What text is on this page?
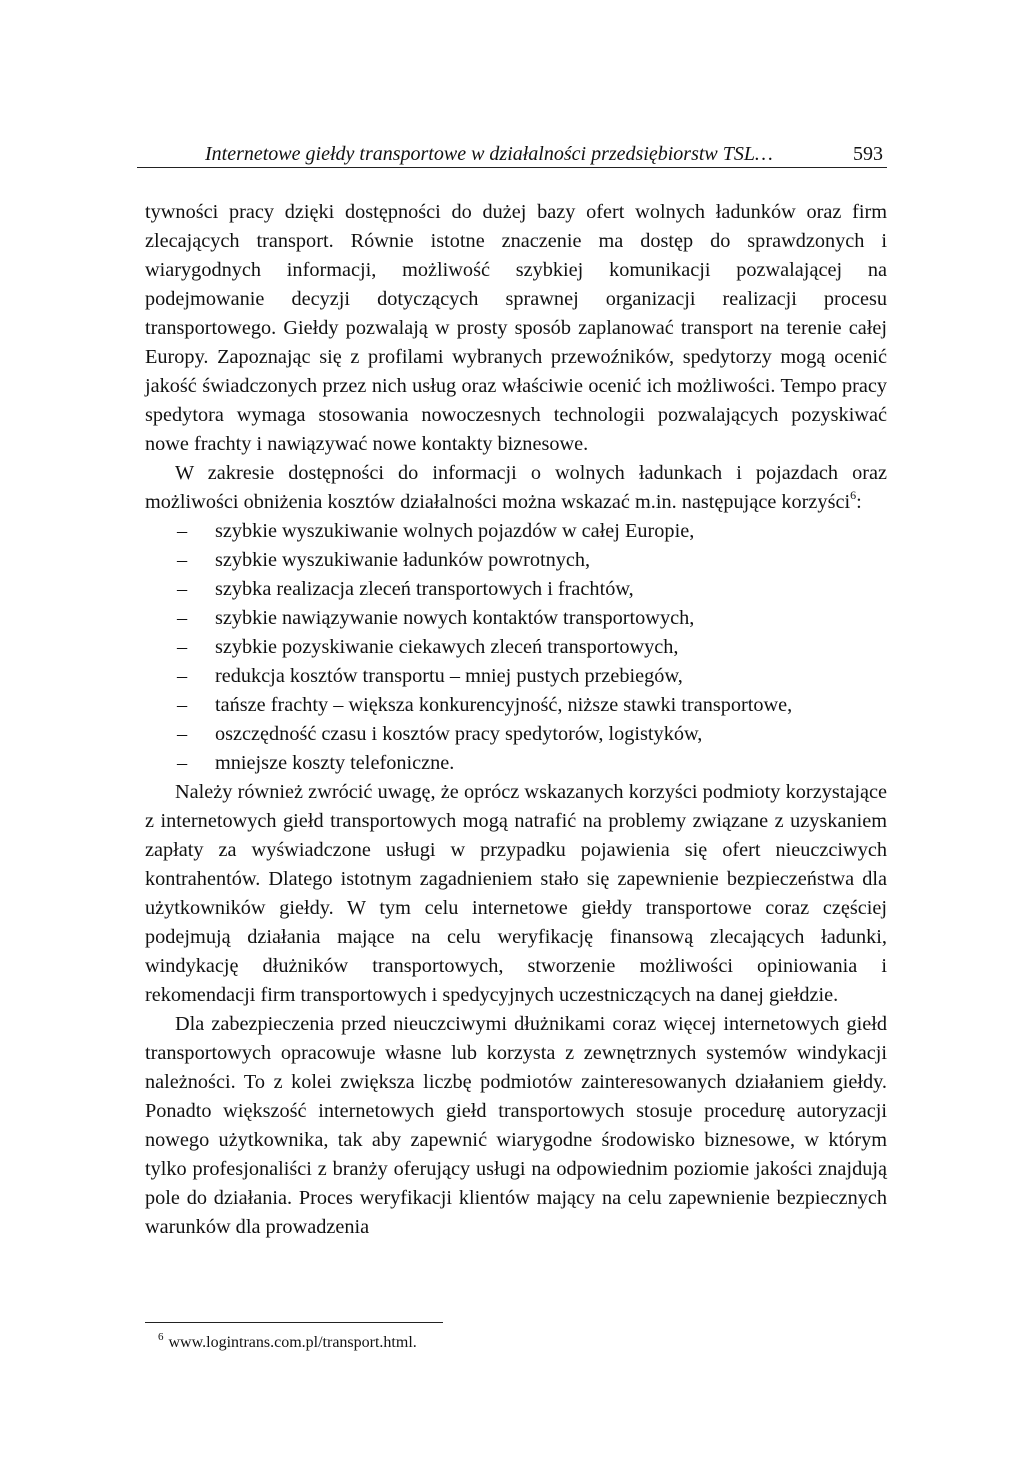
Internetowe giełdy transportowe w działalności przedsiębiorstw TSL…	593

tywności pracy dzięki dostępności do dużej bazy ofert wolnych ładunków oraz firm zlecających transport. Równie istotne znaczenie ma dostęp do sprawdzonych i wiarygodnych informacji, możliwość szybkiej komunikacji pozwalającej na podejmowanie decyzji dotyczących sprawnej organizacji realizacji procesu transportowego. Giełdy pozwalają w prosty sposób zaplanować transport na terenie całej Europy. Zapoznając się z profilami wybranych przewoźników, spedytorzy mogą ocenić jakość świadczonych przez nich usług oraz właściwie ocenić ich możliwości. Tempo pracy spedytora wymaga stosowania nowoczesnych technologii pozwalających pozyskiwać nowe frachty i nawiązywać nowe kontakty biznesowe.

W zakresie dostępności do informacji o wolnych ładunkach i pojazdach oraz możliwości obniżenia kosztów działalności można wskazać m.in. następujące korzyści$^6$:

– szybkie wyszukiwanie wolnych pojazdów w całej Europie,
– szybkie wyszukiwanie ładunków powrotnych,
– szybka realizacja zleceń transportowych i frachtów,
– szybkie nawiązywanie nowych kontaktów transportowych,
– szybkie pozyskiwanie ciekawych zleceń transportowych,
– redukcja kosztów transportu – mniej pustych przebiegów,
– tańsze frachty – większa konkurencyjność, niższe stawki transportowe,
– oszczędność czasu i kosztów pracy spedytorów, logistyków,
– mniejsze koszty telefoniczne.

Należy również zwrócić uwagę, że oprócz wskazanych korzyści podmioty korzystające z internetowych giełd transportowych mogą natrafić na problemy związane z uzyskaniem zapłaty za wyświadczone usługi w przypadku pojawienia się ofert nieuczciwych kontrahentów. Dlatego istotnym zagadnieniem stało się zapewnienie bezpieczeństwa dla użytkowników giełdy. W tym celu internetowe giełdy transportowe coraz częściej podejmują działania mające na celu weryfikację finansową zlecających ładunki, windykację dłużników transportowych, stworzenie możliwości opiniowania i rekomendacji firm transportowych i spedycyjnych uczestniczących na danej giełdzie.

Dla zabezpieczenia przed nieuczciwymi dłużnikami coraz więcej internetowych giełd transportowych opracowuje własne lub korzysta z zewnętrznych systemów windykacji należności. To z kolei zwiększa liczbę podmiotów zainteresowanych działaniem giełdy. Ponadto większość internetowych giełd transportowych stosuje procedurę autoryzacji nowego użytkownika, tak aby zapewnić wiarygodne środowisko biznesowe, w którym tylko profesjonaliści z branży oferujący usługi na odpowiednim poziomie jakości znajdują pole do działania. Proces weryfikacji klientów mający na celu zapewnienie bezpiecznych warunków dla prowadzenia

$^6$ www.logintrans.com.pl/transport.html.
